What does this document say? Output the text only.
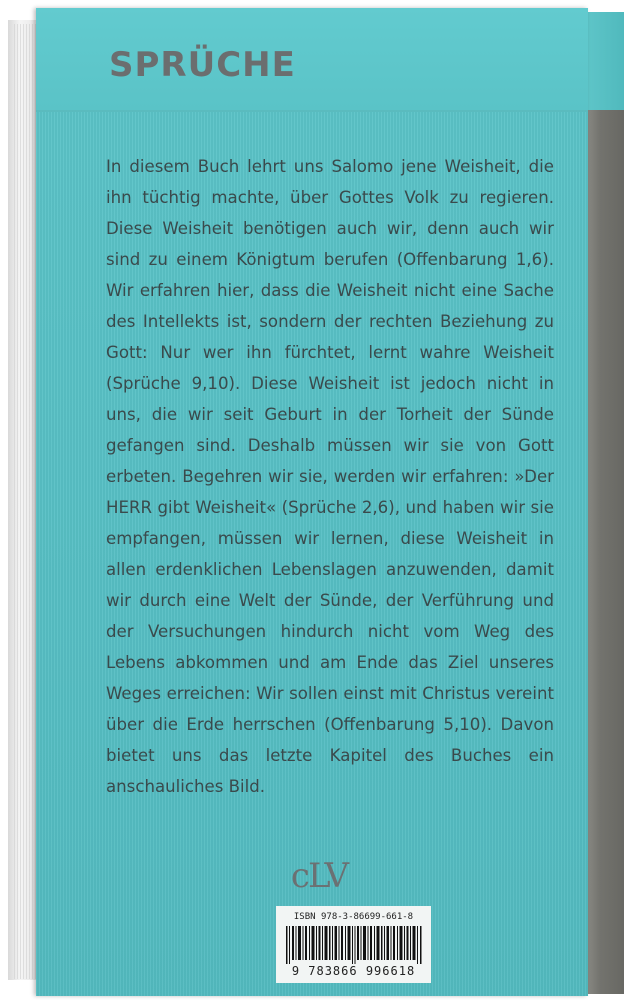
SPRÜCHE

In diesem Buch lehrt uns Salomo jene Weisheit, die ihn tüchtig machte, über Gottes Volk zu regieren. Diese Weisheit benötigen auch wir, denn auch wir sind zu einem Königtum berufen (Offenbarung 1,6). Wir erfahren hier, dass die Weisheit nicht eine Sache des Intellekts ist, sondern der rechten Beziehung zu Gott: Nur wer ihn fürchtet, lernt wahre Weisheit (Sprüche 9,10). Diese Weisheit ist jedoch nicht in uns, die wir seit Geburt in der Torheit der Sünde gefangen sind. Deshalb müssen wir sie von Gott erbeten. Begehren wir sie, werden wir erfahren: »Der HERR gibt Weisheit« (Sprüche 2,6), und haben wir sie empfangen, müssen wir lernen, diese Weisheit in allen erdenklichen Lebenslagen anzuwenden, damit wir durch eine Welt der Sünde, der Verführung und der Versuchungen hindurch nicht vom Weg des Lebens abkommen und am Ende das Ziel unseres Weges erreichen: Wir sollen einst mit Christus vereint über die Erde herrschen (Offenbarung 5,10). Davon bietet uns das letzte Kapitel des Buches ein anschauliches Bild.

cLV
ISBN 978-3-86699-661-8
9 783866 996618
